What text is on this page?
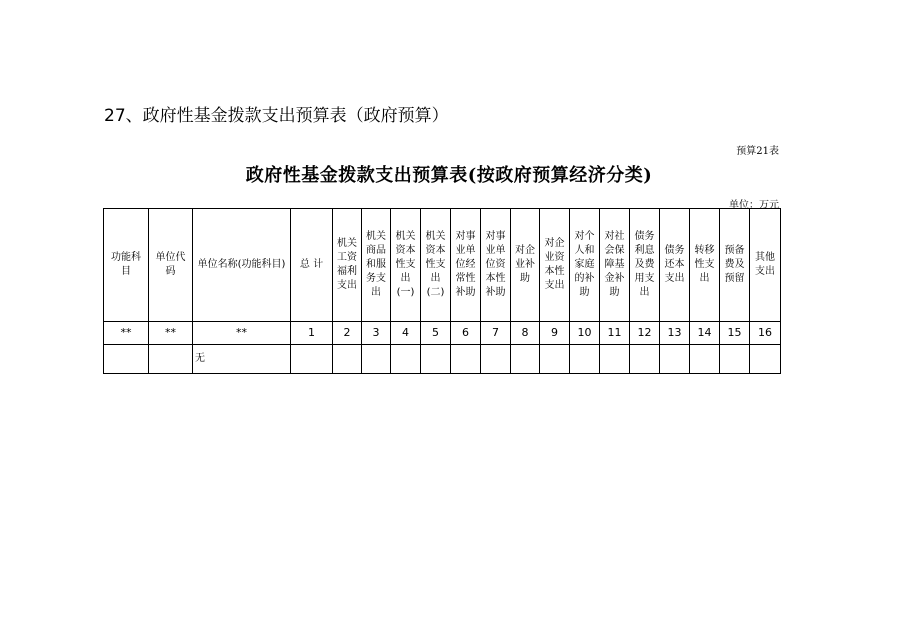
27、政府性基金拨款支出预算表（政府预算）
预算21表
政府性基金拨款支出预算表(按政府预算经济分类)
单位：万元
功能科目	单位代码	单位名称(功能科目)	总 计	机关工资福利支出	机关商品和服务支出	机关资本性支出(一)	机关资本性支出(二)	对事业单位经常性补助	对事业单位资本性补助	对企业补助	对企业资本性支出	对个人和家庭的补助	对社会保障基金补助	债务利息及费用支出	债务还本支出	转移性支出	预备费及预留	其他支出
**	**	**	1	2	3	4	5	6	7	8	9	10	11	12	13	14	15	16
		无																
